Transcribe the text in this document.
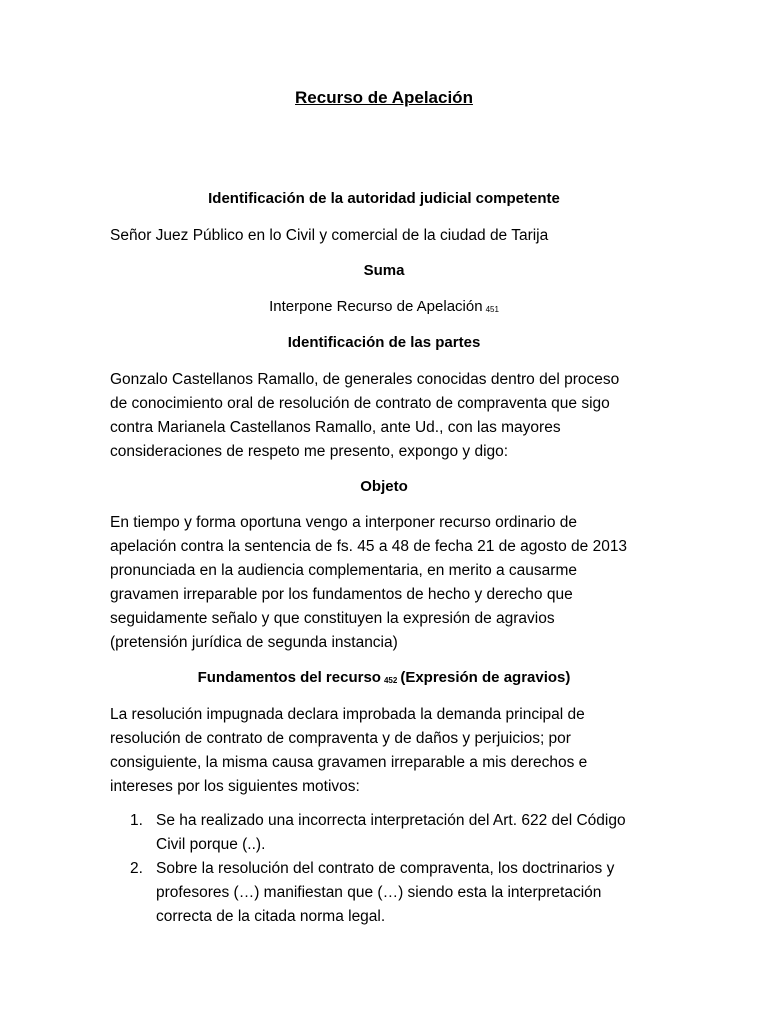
Recurso de Apelación
Identificación de la autoridad judicial competente
Señor Juez Público en lo Civil y comercial de la ciudad de Tarija
Suma
Interpone Recurso de Apelación 451
Identificación de las partes
Gonzalo Castellanos Ramallo, de generales conocidas dentro del proceso
de conocimiento oral de resolución de contrato de compraventa que sigo
contra Marianela Castellanos Ramallo, ante Ud., con las mayores
consideraciones de respeto me presento, expongo y digo:
Objeto
En tiempo y forma oportuna vengo a interponer recurso ordinario de
apelación contra la sentencia de fs. 45 a 48 de fecha 21 de agosto de 2013
pronunciada en la audiencia complementaria, en merito a causarme
gravamen irreparable por los fundamentos de hecho y derecho que
seguidamente señalo y que constituyen la expresión de agravios
(pretensión jurídica de segunda instancia)
Fundamentos del recurso 452 (Expresión de agravios)
La resolución impugnada declara improbada la demanda principal de
resolución de contrato de compraventa y de daños y perjuicios; por
consiguiente, la misma causa gravamen irreparable a mis derechos e
intereses por los siguientes motivos:
1. Se ha realizado una incorrecta interpretación del Art. 622 del Código
Civil porque (..).
2. Sobre la resolución del contrato de compraventa, los doctrinarios y
profesores (…) manifiestan que (…) siendo esta la interpretación
correcta de la citada norma legal.
